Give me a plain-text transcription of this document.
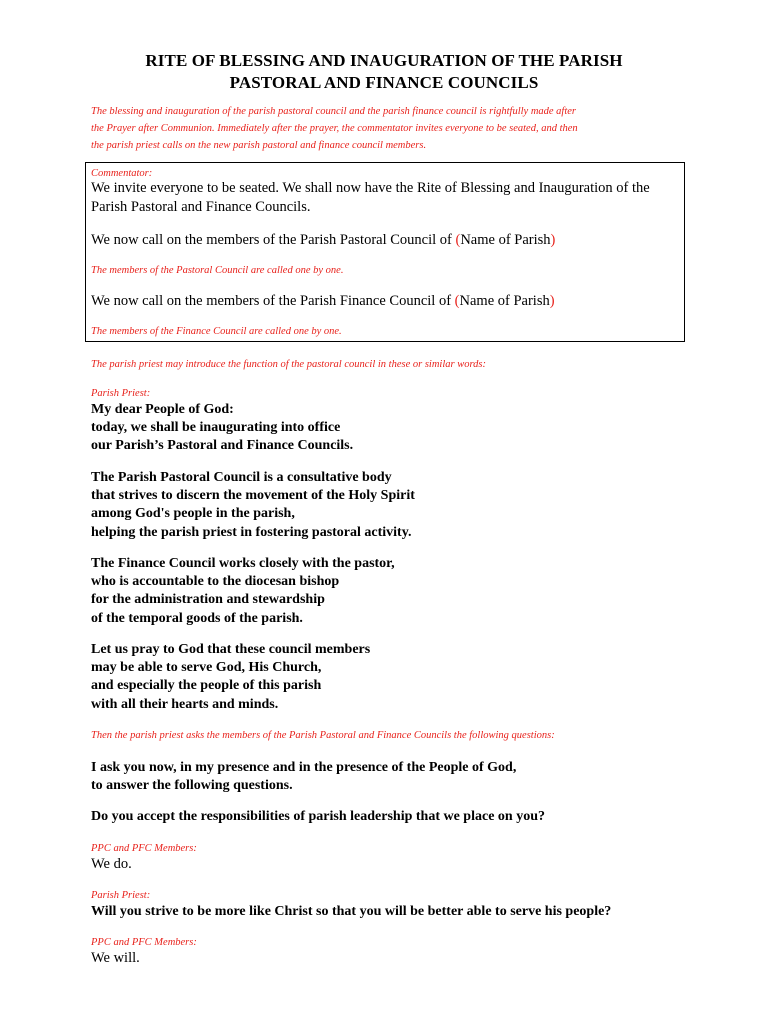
RITE OF BLESSING AND INAUGURATION OF THE PARISH
PASTORAL AND FINANCE COUNCILS
The blessing and inauguration of the parish pastoral council and the parish finance council is rightfully made after
the Prayer after Communion. Immediately after the prayer, the commentator invites everyone to be seated, and then
the parish priest calls on the new parish pastoral and finance council members.
Commentator:
We invite everyone to be seated. We shall now have the Rite of Blessing and Inauguration of the
Parish Pastoral and Finance Councils.
We now call on the members of the Parish Pastoral Council of (Name of Parish)
The members of the Pastoral Council are called one by one.
We now call on the members of the Parish Finance Council of (Name of Parish)
The members of the Finance Council are called one by one.
The parish priest may introduce the function of the pastoral council in these or similar words:
Parish Priest:
My dear People of God:
today, we shall be inaugurating into office
our Parish’s Pastoral and Finance Councils.
The Parish Pastoral Council is a consultative body
that strives to discern the movement of the Holy Spirit
among God's people in the parish,
helping the parish priest in fostering pastoral activity.
The Finance Council works closely with the pastor,
who is accountable to the diocesan bishop
for the administration and stewardship
of the temporal goods of the parish.
Let us pray to God that these council members
may be able to serve God, His Church,
and especially the people of this parish
with all their hearts and minds.
Then the parish priest asks the members of the Parish Pastoral and Finance Councils the following questions:
I ask you now, in my presence and in the presence of the People of God,
to answer the following questions.
Do you accept the responsibilities of parish leadership that we place on you?
PPC and PFC Members:
We do.
Parish Priest:
Will you strive to be more like Christ so that you will be better able to serve his people?
PPC and PFC Members:
We will.
